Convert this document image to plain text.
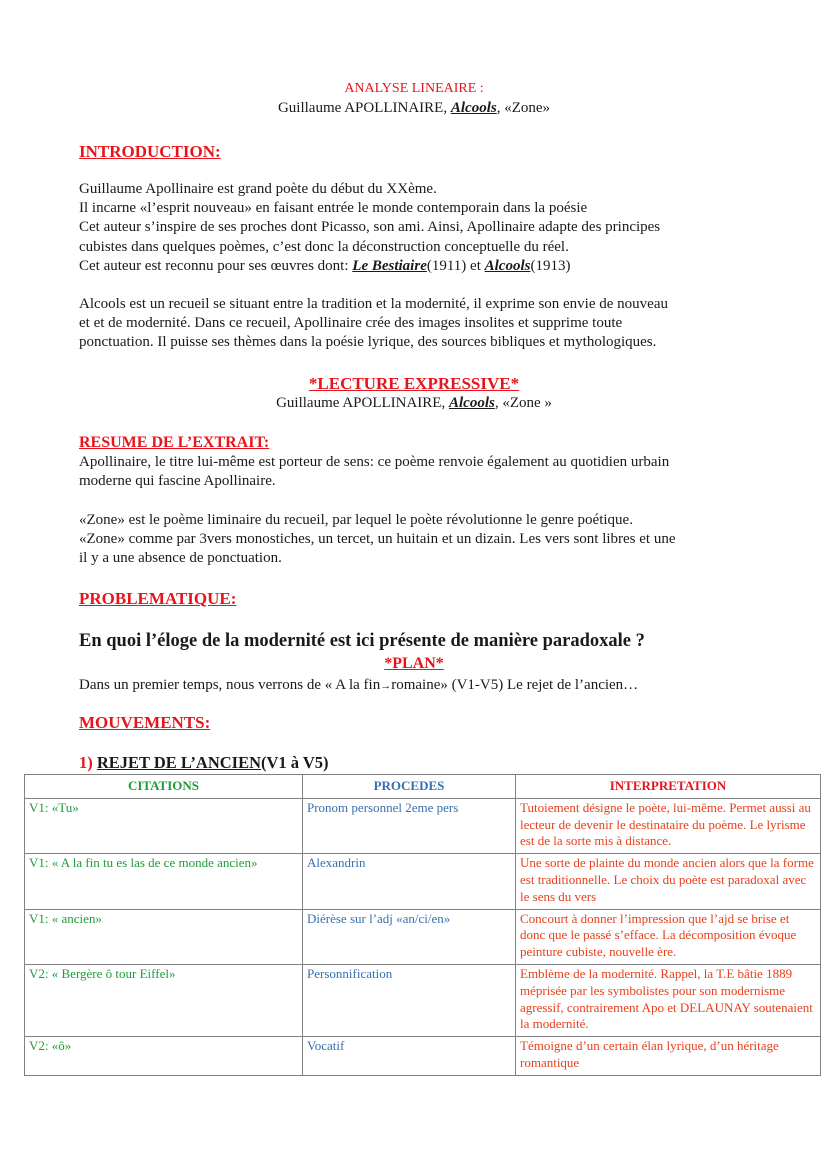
ANALYSE LINEAIRE :
Guillaume APOLLINAIRE, Alcools, «Zone»
INTRODUCTION:
Guillaume Apollinaire est grand poète du début du XXème.
Il incarne «l’esprit nouveau» en faisant entrée le monde contemporain dans la poésie
Cet auteur s’inspire de ses proches dont Picasso, son ami. Ainsi, Apollinaire adapte des principes
cubistes dans quelques poèmes, c’est donc la déconstruction conceptuelle du réel.
Cet auteur est reconnu pour ses œuvres dont: Le Bestiaire(1911) et Alcools(1913)
Alcools est un recueil se situant entre la tradition et la modernité, il exprime son envie de nouveau
et et de modernité. Dans ce recueil, Apollinaire crée des images insolites et supprime toute
ponctuation. Il puisse ses thèmes dans la poésie lyrique, des sources bibliques et mythologiques.
*LECTURE EXPRESSIVE*
Guillaume APOLLINAIRE, Alcools, «Zone »
RESUME DE L’EXTRAIT:
Apollinaire, le titre lui-même est porteur de sens: ce poème renvoie également au quotidien urbain
moderne qui fascine Apollinaire.
«Zone» est le poème liminaire du recueil, par lequel le poète révolutionne le genre poétique.
«Zone» comme par 3vers monostiches, un tercet, un huitain et un dizain. Les vers sont libres et une
il y a une absence de ponctuation.
PROBLEMATIQUE:
En quoi l’éloge de la modernité est ici présente de manière paradoxale ?
*PLAN*
Dans un premier temps, nous verrons de « A la fin→romaine» (V1-V5) Le rejet de l’ancien…
MOUVEMENTS:
1) REJET DE L’ANCIEN(V1 à V5)
CITATIONS	PROCEDES	INTERPRETATION
V1: «Tu»	Pronom personnel 2eme pers	Tutoiement désigne le poète, lui-même. Permet aussi au lecteur de devenir le destinataire du poème. Le lyrisme est de la sorte mis à distance.
V1: « A la fin tu es las de ce monde ancien»	Alexandrin	Une sorte de plainte du monde ancien alors que la forme est traditionnelle. Le choix du poète est paradoxal avec le sens du vers
V1: « ancien»	Diérèse sur l’adj «an/ci/en»	Concourt à donner l’impression que l’ajd se brise et donc que le passé s’efface. La décomposition évoque peinture cubiste, nouvelle ère.
V2: « Bergère ô tour Eiffel»	Personnification	Emblème de la modernité. Rappel, la T.E bâtie 1889 méprisée par les symbolistes pour son modernisme agressif, contrairement Apo et DELAUNAY soutenaient la modernité.
V2: «ô»	Vocatif	Témoigne d’un certain élan lyrique, d’un héritage romantique
